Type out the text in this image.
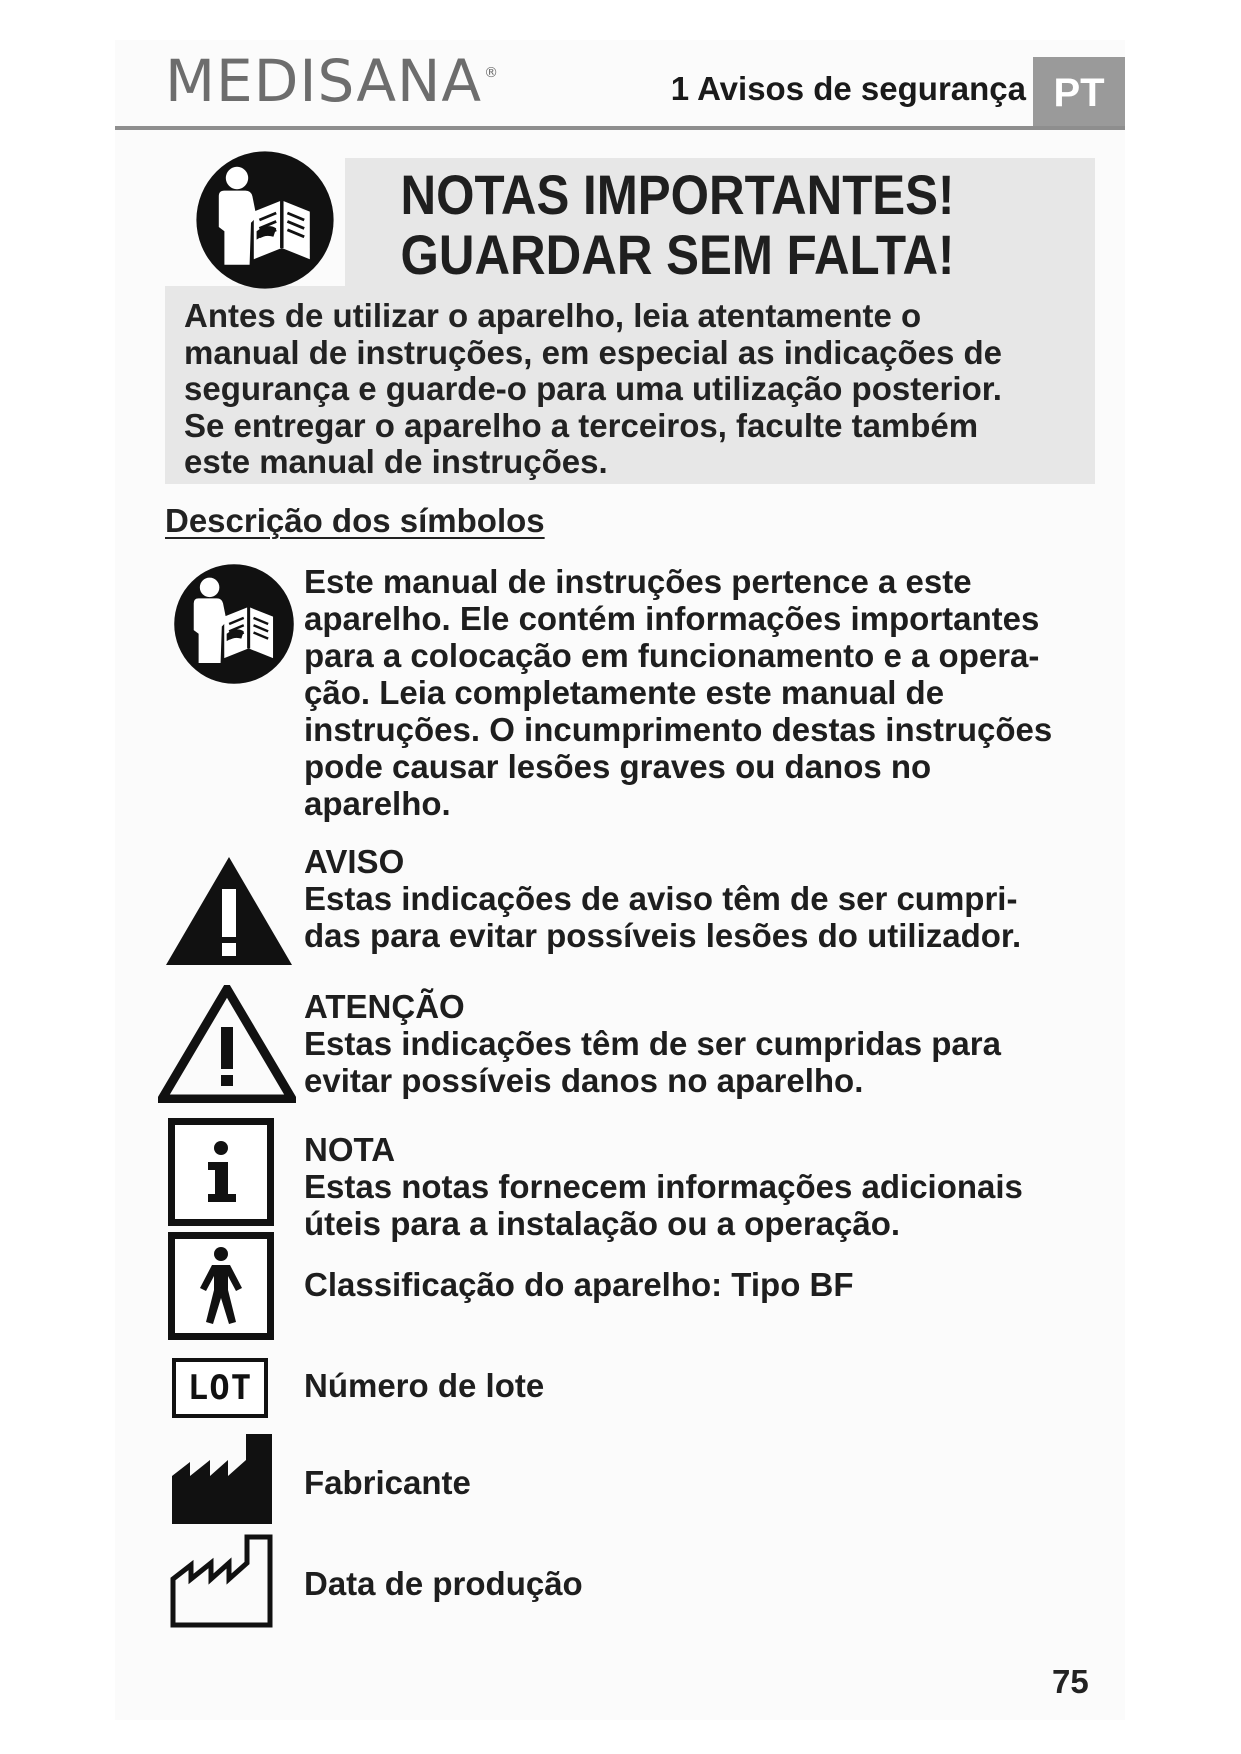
MEDISANA ®	1 Avisos de segurança PT
NOTAS IMPORTANTES!
GUARDAR SEM FALTA!
Antes de utilizar o aparelho, leia atentamente o
manual de instruções, em especial as indicações de
segurança e guarde-o para uma utilização posterior.
Se entregar o aparelho a terceiros, faculte também
este manual de instruções.
Descrição dos símbolos
Este manual de instruções pertence a este
aparelho. Ele contém informações importantes
para a colocação em funcionamento e a opera-
ção. Leia completamente este manual de
instruções. O incumprimento destas instruções
pode causar lesões graves ou danos no
aparelho.
AVISO
Estas indicações de aviso têm de ser cumpri-
das para evitar possíveis lesões do utilizador.
ATENÇÃO
Estas indicações têm de ser cumpridas para
evitar possíveis danos no aparelho.
NOTA
Estas notas fornecem informações adicionais
úteis para a instalação ou a operação.
Classificação do aparelho: Tipo BF
LOT Número de lote
Fabricante
Data de produção
75
